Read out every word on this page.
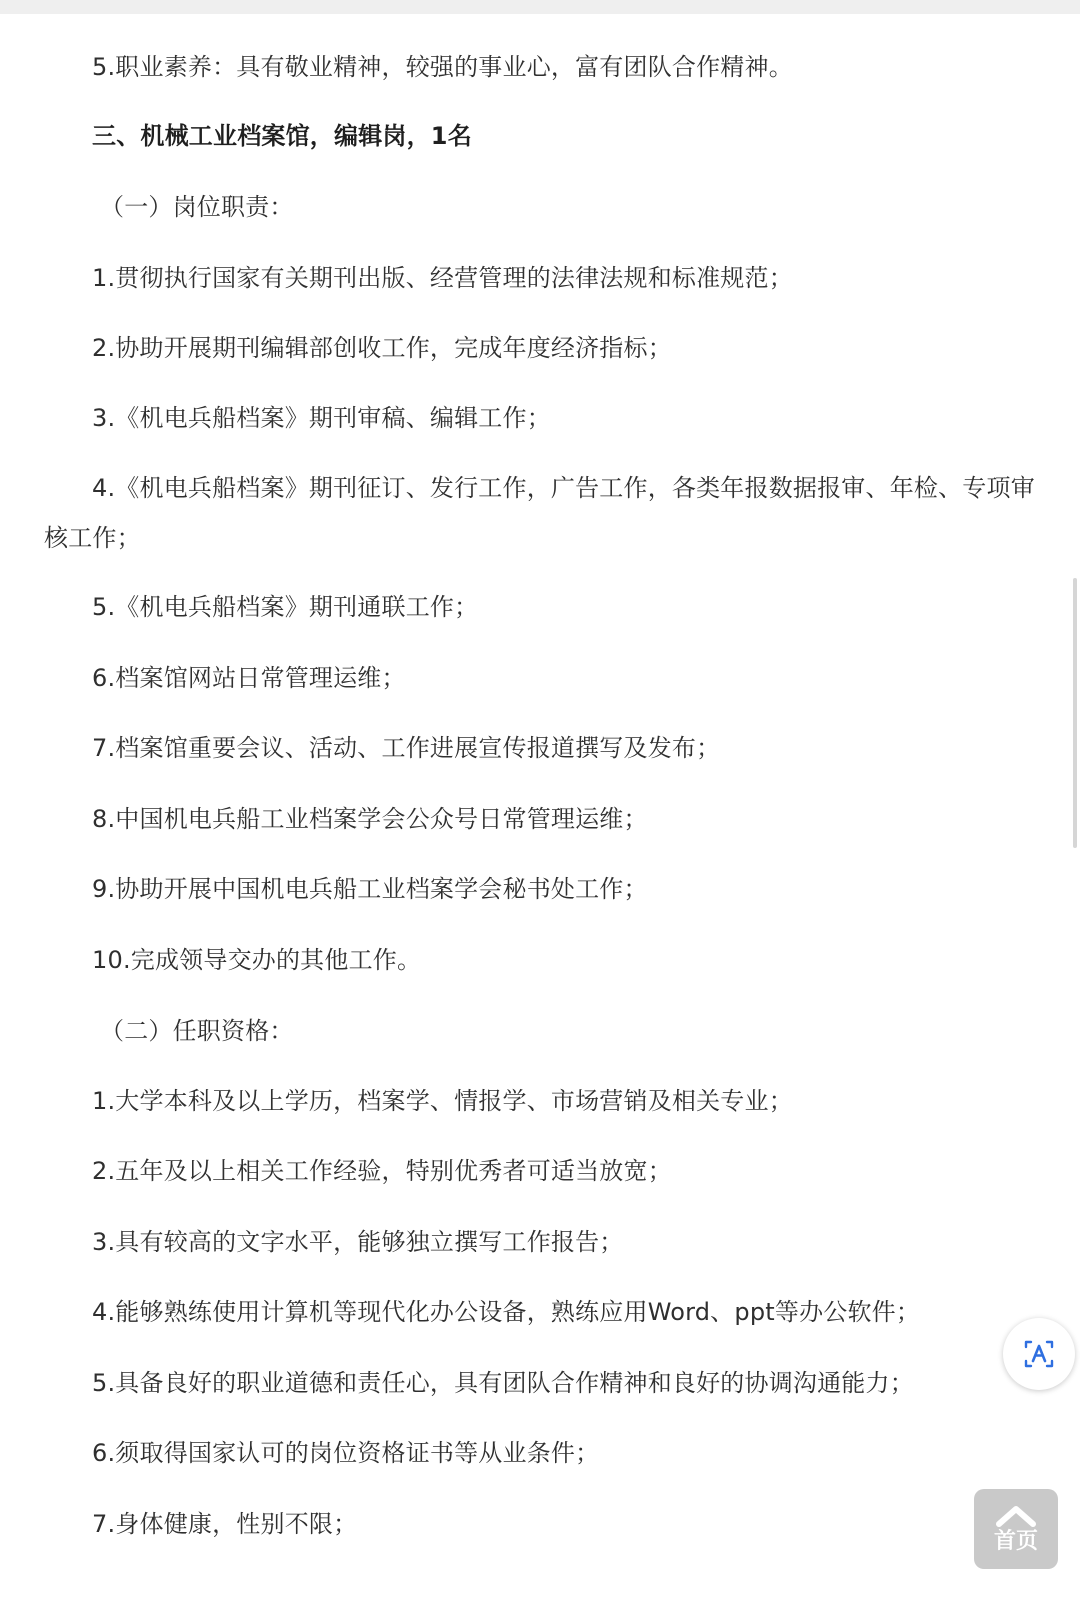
5.职业素养：具有敬业精神，较强的事业心，富有团队合作精神。
三、机械工业档案馆，编辑岗，1名
（一）岗位职责：
1.贯彻执行国家有关期刊出版、经营管理的法律法规和标准规范；
2.协助开展期刊编辑部创收工作，完成年度经济指标；
3.《机电兵船档案》期刊审稿、编辑工作；
4.《机电兵船档案》期刊征订、发行工作，广告工作，各类年报数据报审、年检、专项审核工作；
5.《机电兵船档案》期刊通联工作；
6.档案馆网站日常管理运维；
7.档案馆重要会议、活动、工作进展宣传报道撰写及发布；
8.中国机电兵船工业档案学会公众号日常管理运维；
9.协助开展中国机电兵船工业档案学会秘书处工作；
10.完成领导交办的其他工作。
（二）任职资格：
1.大学本科及以上学历，档案学、情报学、市场营销及相关专业；
2.五年及以上相关工作经验，特别优秀者可适当放宽；
3.具有较高的文字水平，能够独立撰写工作报告；
4.能够熟练使用计算机等现代化办公设备，熟练应用Word、ppt等办公软件；
5.具备良好的职业道德和责任心，具有团队合作精神和良好的协调沟通能力；
6.须取得国家认可的岗位资格证书等从业条件；
7.身体健康，性别不限；
首页
